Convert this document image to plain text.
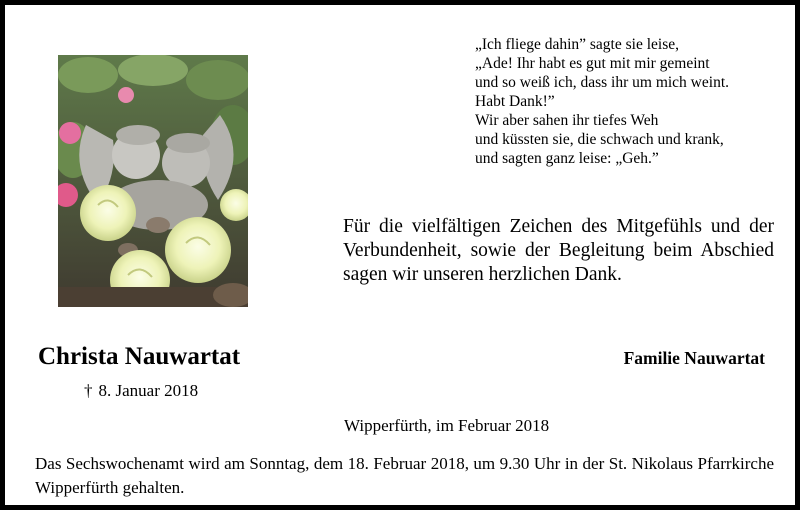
„Ich fliege dahin” sagte sie leise,
„Ade! Ihr habt es gut mit mir gemeint
und so weiß ich, dass ihr um mich weint.
Habt Dank!”
Wir aber sahen ihr tiefes Weh
und küssten sie, die schwach und krank,
und sagten ganz leise: „Geh.”
Für die vielfältigen Zeichen des Mitgefühls und der Verbundenheit, sowie der Begleitung beim Abschied sagen wir unseren herzlichen Dank.
Christa Nauwartat
† 8. Januar 2018
Familie Nauwartat
Wipperfürth, im Februar 2018
Das Sechswochenamt wird am Sonntag, dem 18. Februar 2018, um 9.30 Uhr in der St. Nikolaus Pfarrkirche Wipperfürth gehalten.
